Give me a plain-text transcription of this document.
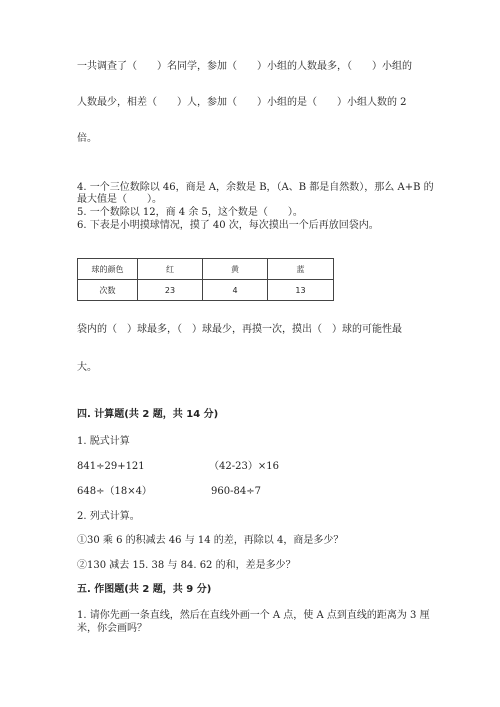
一共调查了（　　）名同学，参加（　　）小组的人数最多，（　　）小组的
人数最少，相差（　　）人，参加（　　）小组的是（　　）小组人数的 2
倍。
4. 一个三位数除以 46，商是 A，余数是 B，（A、B 都是自然数），那么 A+B 的
最大值是（　　）。
5. 一个数除以 12，商 4 余 5，这个数是（　　）。
6. 下表是小明摸球情况，摸了 40 次，每次摸出一个后再放回袋内。
球的颜色	红	黄	蓝
次数	23	4	13
袋内的（　）球最多，（　）球最少，再摸一次，摸出（　）球的可能性最
大。
四. 计算题(共 2 题，共 14 分)
1. 脱式计算
841÷29+121	（42-23）×16
648÷（18×4）	960-84÷7
2. 列式计算。
①30 乘 6 的积减去 46 与 14 的差，再除以 4，商是多少？
②130 减去 15. 38 与 84. 62 的和，差是多少？
五. 作图题(共 2 题，共 9 分)
1. 请你先画一条直线，然后在直线外画一个 A 点，使 A 点到直线的距离为 3 厘
米，你会画吗？
